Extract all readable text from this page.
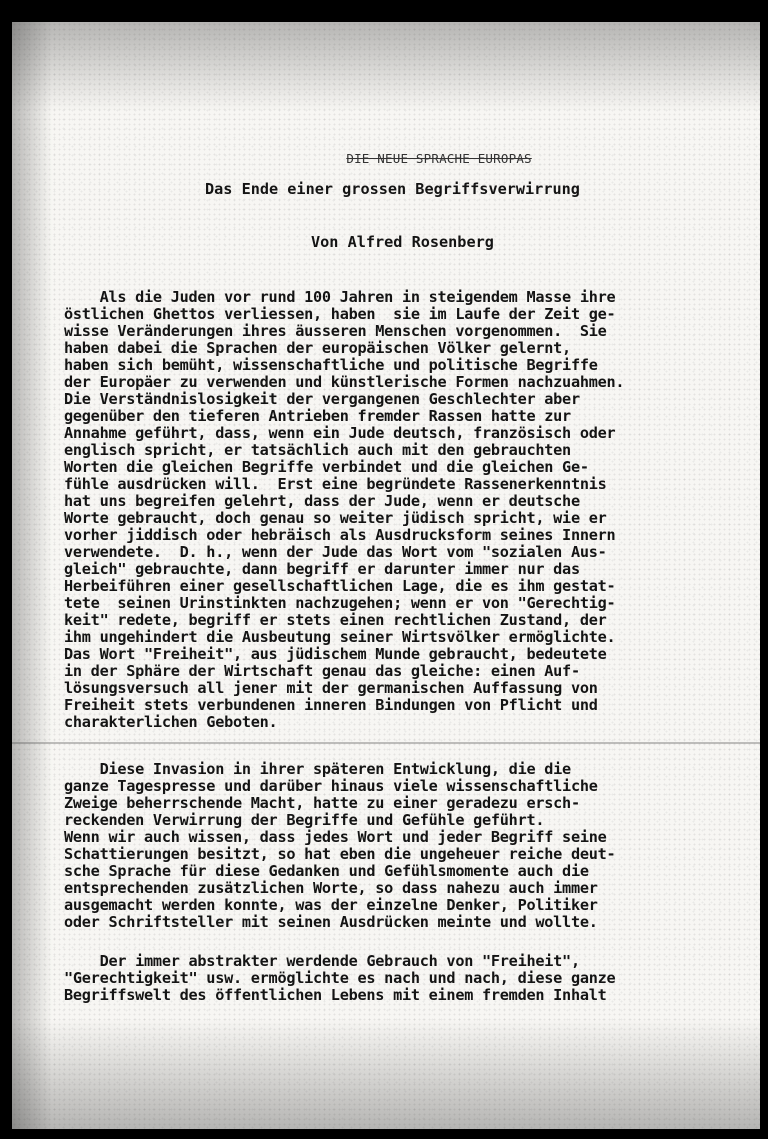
DIE NEUE SPRACHE EUROPAS

Das Ende einer grossen Begriffsverwirrung
Von Alfred Rosenberg
Als die Juden vor rund 100 Jahren in steigendem Masse ihre
östlichen Ghettos verliessen, haben  sie im Laufe der Zeit ge-
wisse Veränderungen ihres äusseren Menschen vorgenommen.  Sie
haben dabei die Sprachen der europäischen Völker gelernt,
haben sich bemüht, wissenschaftliche und politische Begriffe
der Europäer zu verwenden und künstlerische Formen nachzuahmen.
Die Verständnislosigkeit der vergangenen Geschlechter aber
gegenüber den tieferen Antrieben fremder Rassen hatte zur
Annahme geführt, dass, wenn ein Jude deutsch, französisch oder
englisch spricht, er tatsächlich auch mit den gebrauchten
Worten die gleichen Begriffe verbindet und die gleichen Ge-
fühle ausdrücken will.  Erst eine begründete Rassenerkenntnis
hat uns begreifen gelehrt, dass der Jude, wenn er deutsche
Worte gebraucht, doch genau so weiter jüdisch spricht, wie er
vorher jiddisch oder hebräisch als Ausdrucksform seines Innern
verwendete.  D. h., wenn der Jude das Wort vom "sozialen Aus-
gleich" gebrauchte, dann begriff er darunter immer nur das
Herbeiführen einer gesellschaftlichen Lage, die es ihm gestat-
tete  seinen Urinstinkten nachzugehen; wenn er von "Gerechtig-
keit" redete, begriff er stets einen rechtlichen Zustand, der
ihm ungehindert die Ausbeutung seiner Wirtsvölker ermöglichte.
Das Wort "Freiheit", aus jüdischem Munde gebraucht, bedeutete
in der Sphäre der Wirtschaft genau das gleiche: einen Auf-
lösungsversuch all jener mit der germanischen Auffassung von
Freiheit stets verbundenen inneren Bindungen von Pflicht und
charakterlichen Geboten.
Diese Invasion in ihrer späteren Entwicklung, die die
ganze Tagespresse und darüber hinaus viele wissenschaftliche
Zweige beherrschende Macht, hatte zu einer geradezu ersch-
reckenden Verwirrung der Begriffe und Gefühle geführt.
Wenn wir auch wissen, dass jedes Wort und jeder Begriff seine
Schattierungen besitzt, so hat eben die ungeheuer reiche deut-
sche Sprache für diese Gedanken und Gefühlsmomente auch die
entsprechenden zusätzlichen Worte, so dass nahezu auch immer
ausgemacht werden konnte, was der einzelne Denker, Politiker
oder Schriftsteller mit seinen Ausdrücken meinte und wollte.
Der immer abstrakter werdende Gebrauch von "Freiheit",
"Gerechtigkeit" usw. ermöglichte es nach und nach, diese ganze
Begriffswelt des öffentlichen Lebens mit einem fremden Inhalt
